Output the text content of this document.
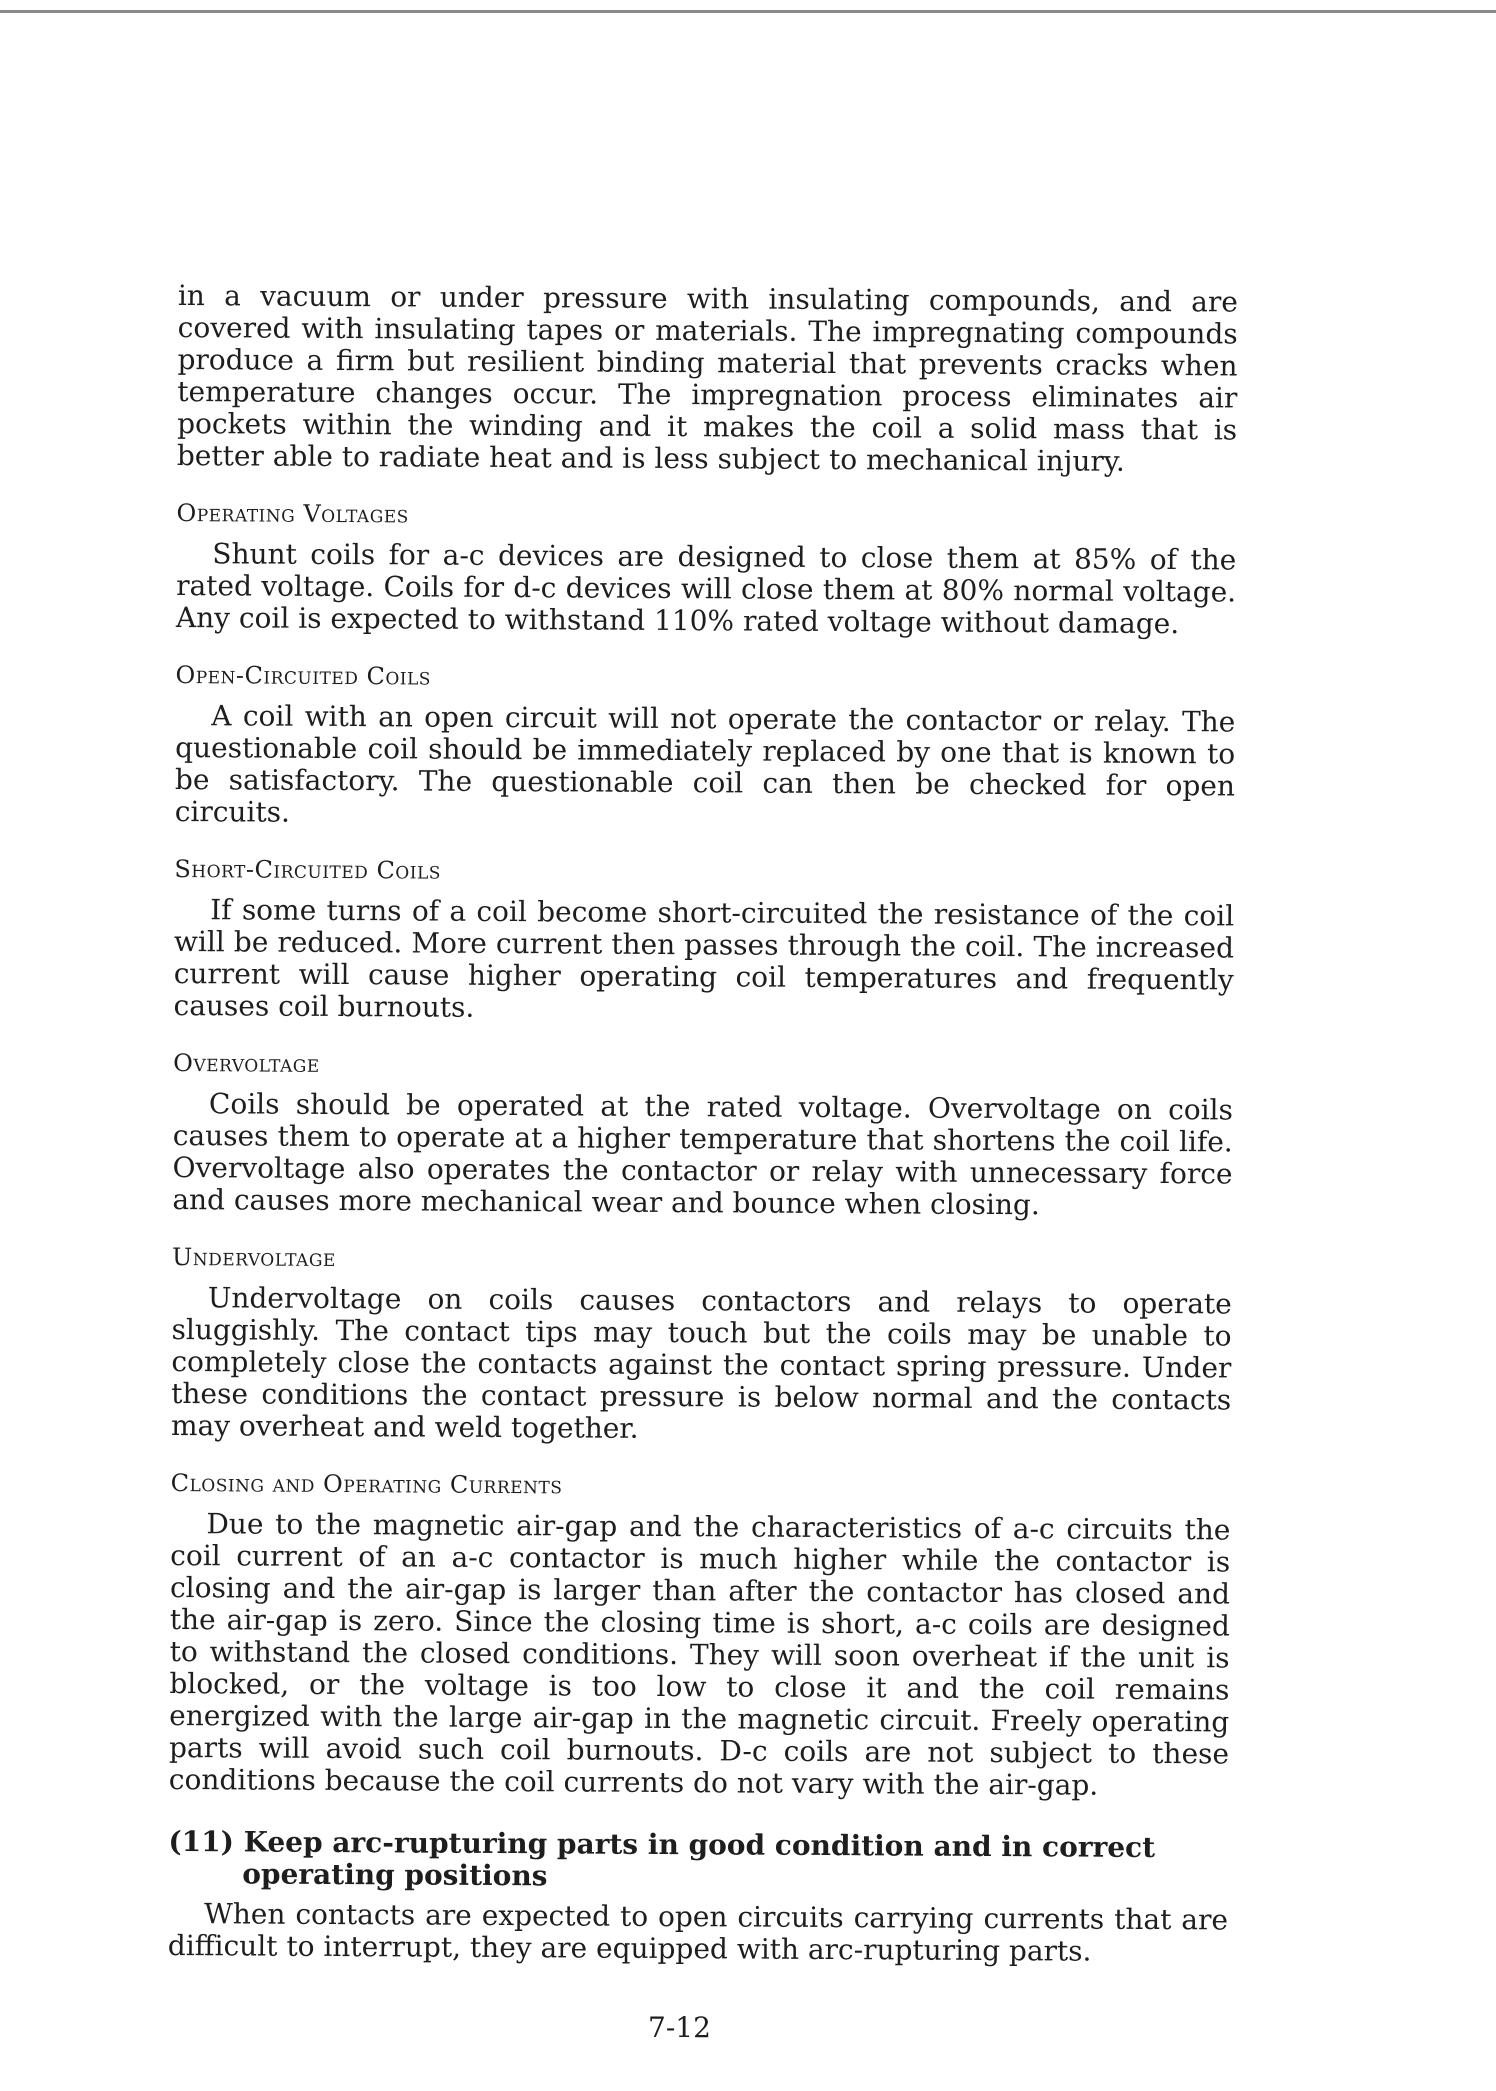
in a vacuum or under pressure with insulating compounds, and are covered with insulating tapes or materials. The impregnating compounds produce a firm but resilient binding material that prevents cracks when temperature changes occur. The impregnation process eliminates air pockets within the winding and it makes the coil a solid mass that is better able to radiate heat and is less subject to mechanical injury.

Operating Voltages

Shunt coils for a-c devices are designed to close them at 85% of the rated voltage. Coils for d-c devices will close them at 80% normal voltage. Any coil is expected to withstand 110% rated voltage without damage.

Open-Circuited Coils

A coil with an open circuit will not operate the contactor or relay. The questionable coil should be immediately replaced by one that is known to be satisfactory. The questionable coil can then be checked for open circuits.

Short-Circuited Coils

If some turns of a coil become short-circuited the resistance of the coil will be reduced. More current then passes through the coil. The increased current will cause higher operating coil temperatures and frequently causes coil burnouts.

Overvoltage

Coils should be operated at the rated voltage. Overvoltage on coils causes them to operate at a higher temperature that shortens the coil life. Overvoltage also operates the contactor or relay with unnecessary force and causes more mechanical wear and bounce when closing.

Undervoltage

Undervoltage on coils causes contactors and relays to operate sluggishly. The contact tips may touch but the coils may be unable to completely close the contacts against the contact spring pressure. Under these conditions the contact pressure is below normal and the contacts may overheat and weld together.

Closing and Operating Currents

Due to the magnetic air-gap and the characteristics of a-c circuits the coil current of an a-c contactor is much higher while the contactor is closing and the air-gap is larger than after the contactor has closed and the air-gap is zero. Since the closing time is short, a-c coils are designed to withstand the closed conditions. They will soon overheat if the unit is blocked, or the voltage is too low to close it and the coil remains energized with the large air-gap in the magnetic circuit. Freely operating parts will avoid such coil burnouts. D-c coils are not subject to these conditions because the coil currents do not vary with the air-gap.

(11) Keep arc-rupturing parts in good condition and in correct operating positions

When contacts are expected to open circuits carrying currents that are difficult to interrupt, they are equipped with arc-rupturing parts.

7-12
